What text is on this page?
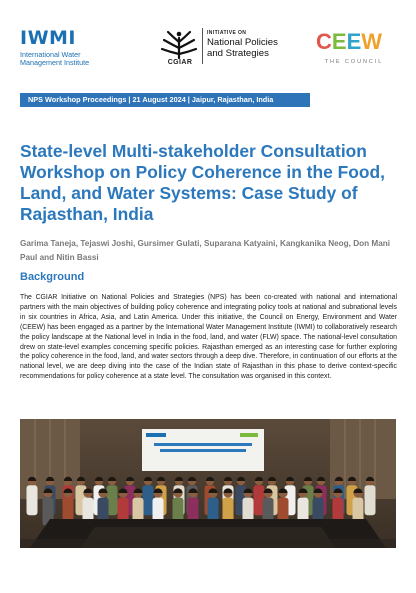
IWMI
International Water
Management Institute	CGIAR
INITIATIVE ON
National Policies
and Strategies	C E E W
THE COUNCIL
NPS Workshop Proceedings | 21 August 2024 | Jaipur, Rajasthan, India
State-level Multi-stakeholder Consultation Workshop on Policy Coherence in the Food, Land, and Water Systems: Case Study of Rajasthan, India

Garima Taneja, Tejaswi Joshi, Gursimer Gulati, Suparana Katyaini, Kangkanika Neog, Don Mani Paul and Nitin Bassi

Background

The CGIAR Initiative on National Policies and Strategies (NPS) has been co-created with national and international partners with the main objectives of building policy coherence and integrating policy tools at national and subnational levels in six countries in Africa, Asia, and Latin America. Under this initiative, the Council on Energy, Environment and Water (CEEW) has been engaged as a partner by the International Water Management Institute (IWMI) to collaboratively research the policy landscape at the National level in India in the food, land, and water (FLW) space. The national-level consultation drew on state-level examples concerning specific policies. Rajasthan emerged as an interesting case for further exploring the policy coherence in the food, land, and water sectors through a deep dive. Therefore, in continuation of our efforts at the national level, we are deep diving into the case of the Indian state of Rajasthan in this phase to derive context-specific recommendations for policy coherence at a state level. The consultation was organised in this context.
